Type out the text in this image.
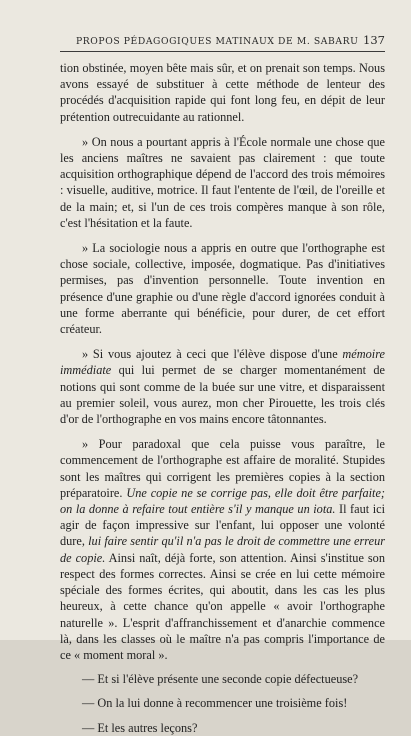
PROPOS PÉDAGOGIQUES MATINAUX DE M. SABARU 137

tion obstinée, moyen bête mais sûr, et on prenait son temps. Nous avons essayé de substituer à cette méthode de lenteur des procédés d'acquisition rapide qui font long feu, en dépit de leur prétention outrecuidante au rationnel.

» On nous a pourtant appris à l'École normale une chose que les anciens maîtres ne savaient pas clairement : que toute acquisition orthographique dépend de l'accord des trois mémoires : visuelle, auditive, motrice. Il faut l'entente de l'œil, de l'oreille et de la main; et, si l'un de ces trois compères manque à son rôle, c'est l'hésitation et la faute.

» La sociologie nous a appris en outre que l'orthographe est chose sociale, collective, imposée, dogmatique. Pas d'initiatives permises, pas d'invention personnelle. Toute invention en présence d'une graphie ou d'une règle d'accord ignorées conduit à une forme aberrante qui bénéficie, pour durer, de cet effort créateur.

» Si vous ajoutez à ceci que l'élève dispose d'une mémoire immédiate qui lui permet de se charger momentanément de notions qui sont comme de la buée sur une vitre, et disparaissent au premier soleil, vous aurez, mon cher Pirouette, les trois clés d'or de l'orthographe en vos mains encore tâtonnantes.

» Pour paradoxal que cela puisse vous paraître, le commencement de l'orthographe est affaire de moralité. Stupides sont les maîtres qui corrigent les premières copies à la section préparatoire. Une copie ne se corrige pas, elle doit être parfaite; on la donne à refaire tout entière s'il y manque un iota. Il faut ici agir de façon impressive sur l'enfant, lui opposer une volonté dure, lui faire sentir qu'il n'a pas le droit de commettre une erreur de copie. Ainsi naît, déjà forte, son attention. Ainsi s'institue son respect des formes correctes. Ainsi se crée en lui cette mémoire spéciale des formes écrites, qui aboutit, dans les cas les plus heureux, à cette chance qu'on appelle « avoir l'orthographe naturelle ». L'esprit d'affranchissement et d'anarchie commence là, dans les classes où le maître n'a pas compris l'importance de ce « moment moral ».

— Et si l'élève présente une seconde copie défectueuse?

— On la lui donne à recommencer une troisième fois!

— Et les autres leçons?
